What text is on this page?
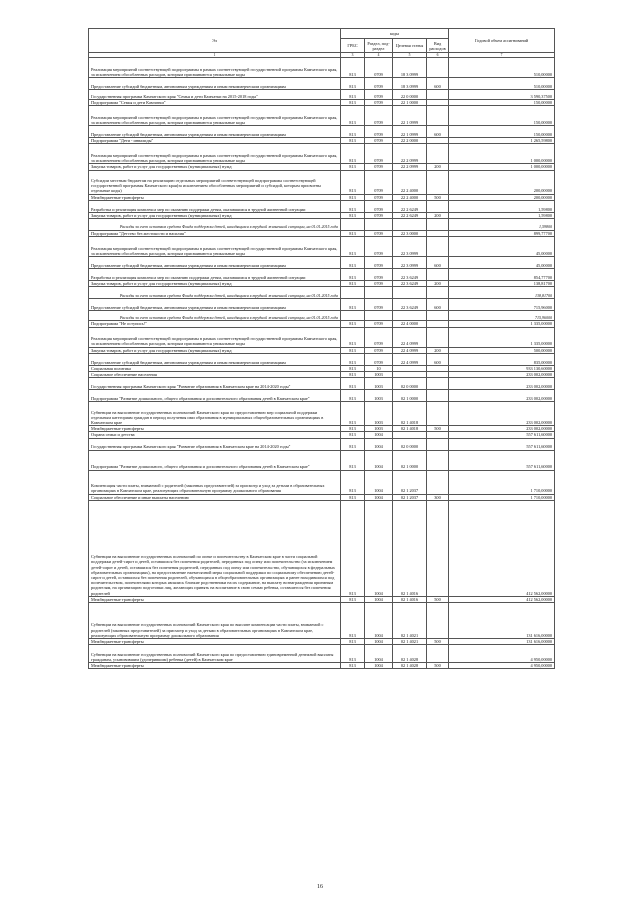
Эл	коды				Годовой объем ассигнований
	ГРБС	Раздел, под- раздел	Целевая статья	Вид расходов	
1	3	4	5	6	7
Реализация мероприятий соответствующей подпрограммы в рамках соответствующей государственной программы Камчатского края, за исключением обособленных расходов, которым присваиваются уникальные коды	813	0709	18 3 0999		510,00000
Предоставление субсидий бюджетным, автономным учреждениям и иным некоммерческим организациям	813	0709	18 3 0999	600	510,00000
Государственная программа Камчатского края "Семья и дети Камчатки на 2015-2018 годы"	813	0709	22 0 0000		3 590,37500
Подпрограмма "Семья и дети Камчатки"	813	0709	22 1 0000		150,00000
Реализация мероприятий соответствующей подпрограммы в рамках соответствующей государственной программы Камчатского края, за исключением обособленных расходов, которым присваиваются уникальные коды	813	0709	22 1 0999		150,00000
Предоставление субсидий бюджетным, автономным учреждениям и иным некоммерческим организациям	813	0709	22 1 0999	600	150,00000
Подпрограмма "Дети - инвалиды"	813	0709	22 2 0000		1 265,59800
Реализация мероприятий соответствующей подпрограммы в рамках соответствующей государственной программы Камчатского края, за исключением обособленных расходов, которым присваиваются уникальные коды	813	0709	22 2 0999		1 000,00000
Закупка товаров, работ и услуг для государственных (муниципальных) нужд	813	0709	22 2 0999	200	1 000,00000
Субсидии местным бюджетам на реализацию отдельных мероприятий соответствующей подпрограммы соответствующей государственной программы Камчатского края(за исключением обособленных мероприятий и субсидий, которым присвоены отдельные коды)	813	0709	22 2 4000		200,00000
Межбюджетные трансферты	813	0709	22 2 4000	500	200,00000
Разработка и реализация комплекса мер по оказанию поддержки детям, оказавшимся в трудной жизненной ситуации	813	0709	22 2 6249		1,59800
Закупка товаров, работ и услуг для государственных (муниципальных) нужд	813	0709	22 2 6249	200	1,59800
Расходы за счет остатков средств Фонда поддержки детей, находящихся в трудной жизненной ситуации, на 01.01.2015 года					1,59800
Подпрограмма "Детство без жестокости и насилия"	813	0709	22 3 0000		899,77700
Реализация мероприятий соответствующей подпрограммы в рамках соответствующей государственной программы Камчатского края, за исключением обособленных расходов, которым присваиваются уникальные коды	813	0709	22 3 0999		45,00000
Предоставление субсидий бюджетным, автономным учреждениям и иным некоммерческим организациям	813	0709	22 3 0999	600	45,00000
Разработка и реализация комплекса мер по оказанию поддержки детям, оказавшимся в трудной жизненной ситуации	813	0709	22 3 6249		854,77700
Закупка товаров, работ и услуг для государственных (муниципальных) нужд	813	0709	22 3 6249	200	138,81700
Расходы за счет остатков средств Фонда поддержки детей, находящихся в трудной жизненной ситуации, на 01.01.2015 года					138,81700
Предоставление субсидий бюджетным, автономным учреждениям и иным некоммерческим организациям	813	0709	22 3 6249	600	715,96000
Расходы за счет остатков средств Фонда поддержки детей, находящихся в трудной жизненной ситуации, на 01.01.2015 года					715,96000
Подпрограмма "Не оступись!"	813	0709	22 4 0000		1 335,00000
Реализация мероприятий соответствующей подпрограммы в рамках соответствующей государственной программы Камчатского края, за исключением обособленных расходов, которым присваиваются уникальные коды	813	0709	22 4 0999		1 335,00000
Закупка товаров, работ и услуг для государственных (муниципальных) нужд	813	0709	22 4 0999	200	500,00000
Предоставление субсидий бюджетным, автономным учреждениям и иным некоммерческим организациям	813	0709	22 4 0999	600	835,00000
Социальная политика	813	10			933 130,60000
Социальное обеспечение населения	813	1003			233 002,00000
Государственная программа Камчатского края "Развитие образования в Камчатском крае на 2014-2020 годы"	813	1003	02 0 0000		233 002,00000
Подпрограмма "Развитие дошкольного, общего образования и дополнительного образования детей в Камчатском крае"	813	1003	02 1 0000		233 002,00000
Субвенции на выполнение государственных полномочий Камчатского края по предоставлению мер социальной поддержки отдельным категориям граждан в период получения ими образования в муниципальных общеобразовательных организациях в Камчатском крае	813	1003	02 1 4018		233 002,00000
Межбюджетные трансферты	813	1003	02 1 4018	500	233 002,00000
Охрана семьи и детства	813	1004			557 611,60000
Государственная программа Камчатского края "Развитие образования в Камчатском крае на 2014-2020 годы"	813	1004	02 0 0000		557 611,60000
Подпрограмма "Развитие дошкольного, общего образования и дополнительного образования детей в Камчатском крае"	813	1004	02 1 0000		557 611,60000
Компенсация части платы, взимаемой с родителей (законных представителей) за присмотр и уход за детьми в образовательных организациях в Камчатском крае, реализующих образовательную программу дошкольного образования	813	1004	02 1 2037		1 710,00000
Социальное обеспечение и иные выплаты населению	813	1004	02 1 2037	300	1 710,00000
Субвенции на выполнение государственных полномочий по опеке и попечительству в Камчатском крае в части социальной поддержки детей-сирот и детей, оставшихся без попечения родителей, переданных под опеку или попечительство (за исключением детей-сирот и детей, оставшихся без попечения родителей, переданных под опеку или попечительство, обучающихся в федеральных образовательных организациях), на предоставление ежемесячной меры социальной поддержки по социальному обеспечению детей-сирот и детей, оставшихся без попечения родителей, обучающихся в общеобразовательных организациях и ранее находившихся под попечительством, попечителями которых являлись близкие родственники на их содержание, на выплату вознаграждения приемным родителям, на организацию подготовки лиц, желающих принять на воспитание в свою семью ребенка, оставшегося без попечения родителей	813	1004	02 1 4016		412 562,00000
Межбюджетные трансферты	813	1004	02 1 4016	500	412 562,00000
Субвенции на выполнение государственных полномочий Камчатского края по выплате компенсации части платы, взимаемой с родителей (законных представителей) за присмотр и уход за детьми в образовательных организациях в Камчатском крае, реализующих образовательную программу дошкольного образования	813	1004	02 1 4021		131 616,00000
Межбюджетные трансферты	813	1004	02 1 4021	500	131 616,00000
Субвенции на выполнение государственных полномочий Камчатского края по предоставлению единовременной денежной выплаты гражданам, усыновившим (удочерившим) ребенка (детей) в Камчатском крае	813	1004	02 1 4028		4 950,00000
Межбюджетные трансферты	813	1004	02 1 4028	500	4 950,00000
16
